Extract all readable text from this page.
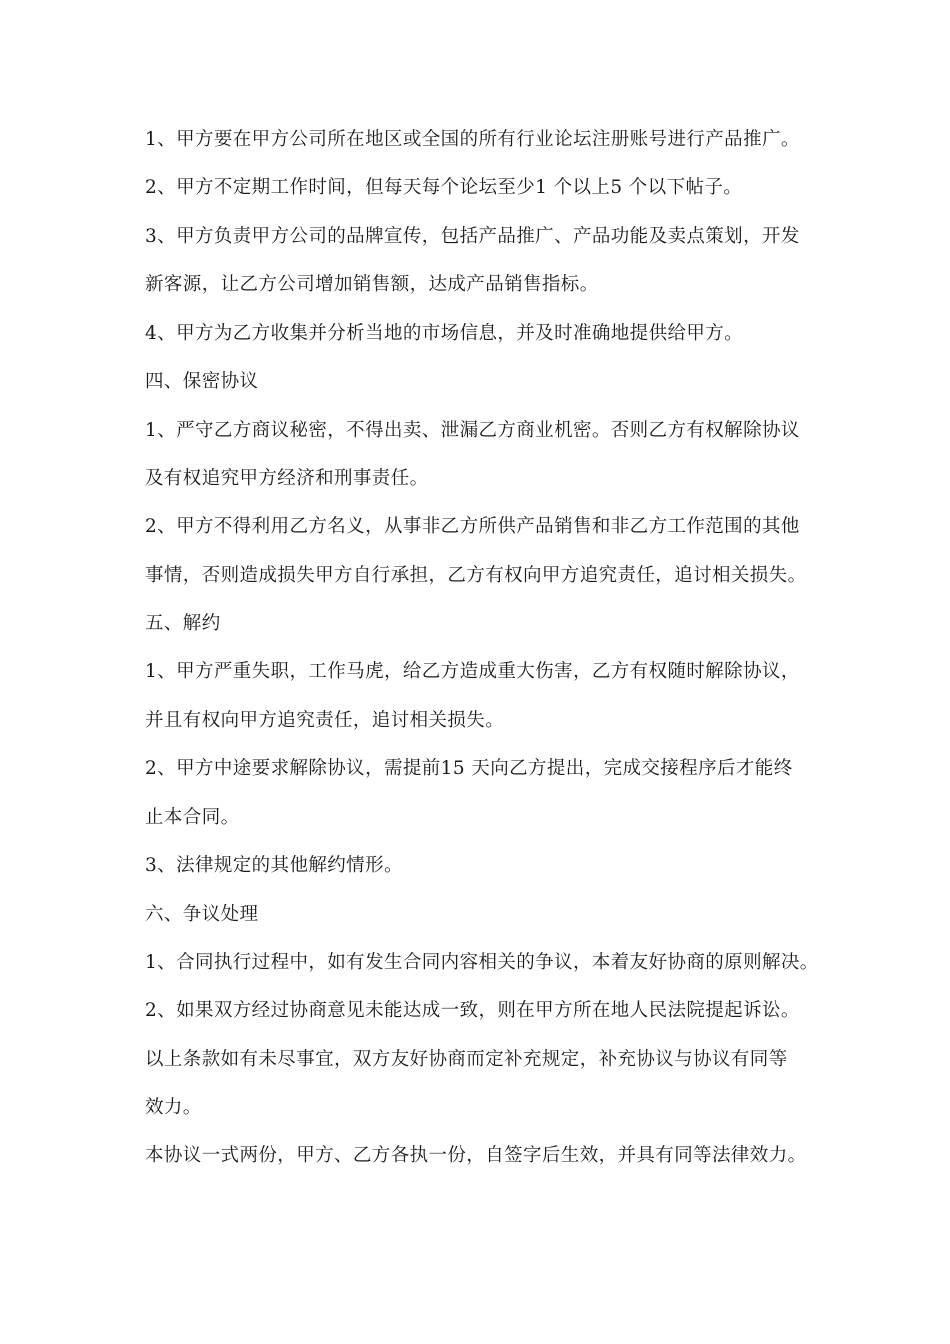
1、甲方要在甲方公司所在地区或全国的所有行业论坛注册账号进行产品推广。
2、甲方不定期工作时间，但每天每个论坛至少1 个以上5 个以下帖子。
3、甲方负责甲方公司的品牌宣传，包括产品推广、产品功能及卖点策划，开发
新客源，让乙方公司增加销售额，达成产品销售指标。
4、甲方为乙方收集并分析当地的市场信息，并及时准确地提供给甲方。
四、保密协议
1、严守乙方商议秘密，不得出卖、泄漏乙方商业机密。否则乙方有权解除协议
及有权追究甲方经济和刑事责任。
2、甲方不得利用乙方名义，从事非乙方所供产品销售和非乙方工作范围的其他
事情，否则造成损失甲方自行承担，乙方有权向甲方追究责任，追讨相关损失。
五、解约
1、甲方严重失职，工作马虎，给乙方造成重大伤害，乙方有权随时解除协议，
并且有权向甲方追究责任，追讨相关损失。
2、甲方中途要求解除协议，需提前15 天向乙方提出，完成交接程序后才能终
止本合同。
3、法律规定的其他解约情形。
六、争议处理
1、合同执行过程中，如有发生合同内容相关的争议，本着友好协商的原则解决。
2、如果双方经过协商意见未能达成一致，则在甲方所在地人民法院提起诉讼。
以上条款如有未尽事宜，双方友好协商而定补充规定，补充协议与协议有同等
效力。
本协议一式两份，甲方、乙方各执一份，自签字后生效，并具有同等法律效力。
